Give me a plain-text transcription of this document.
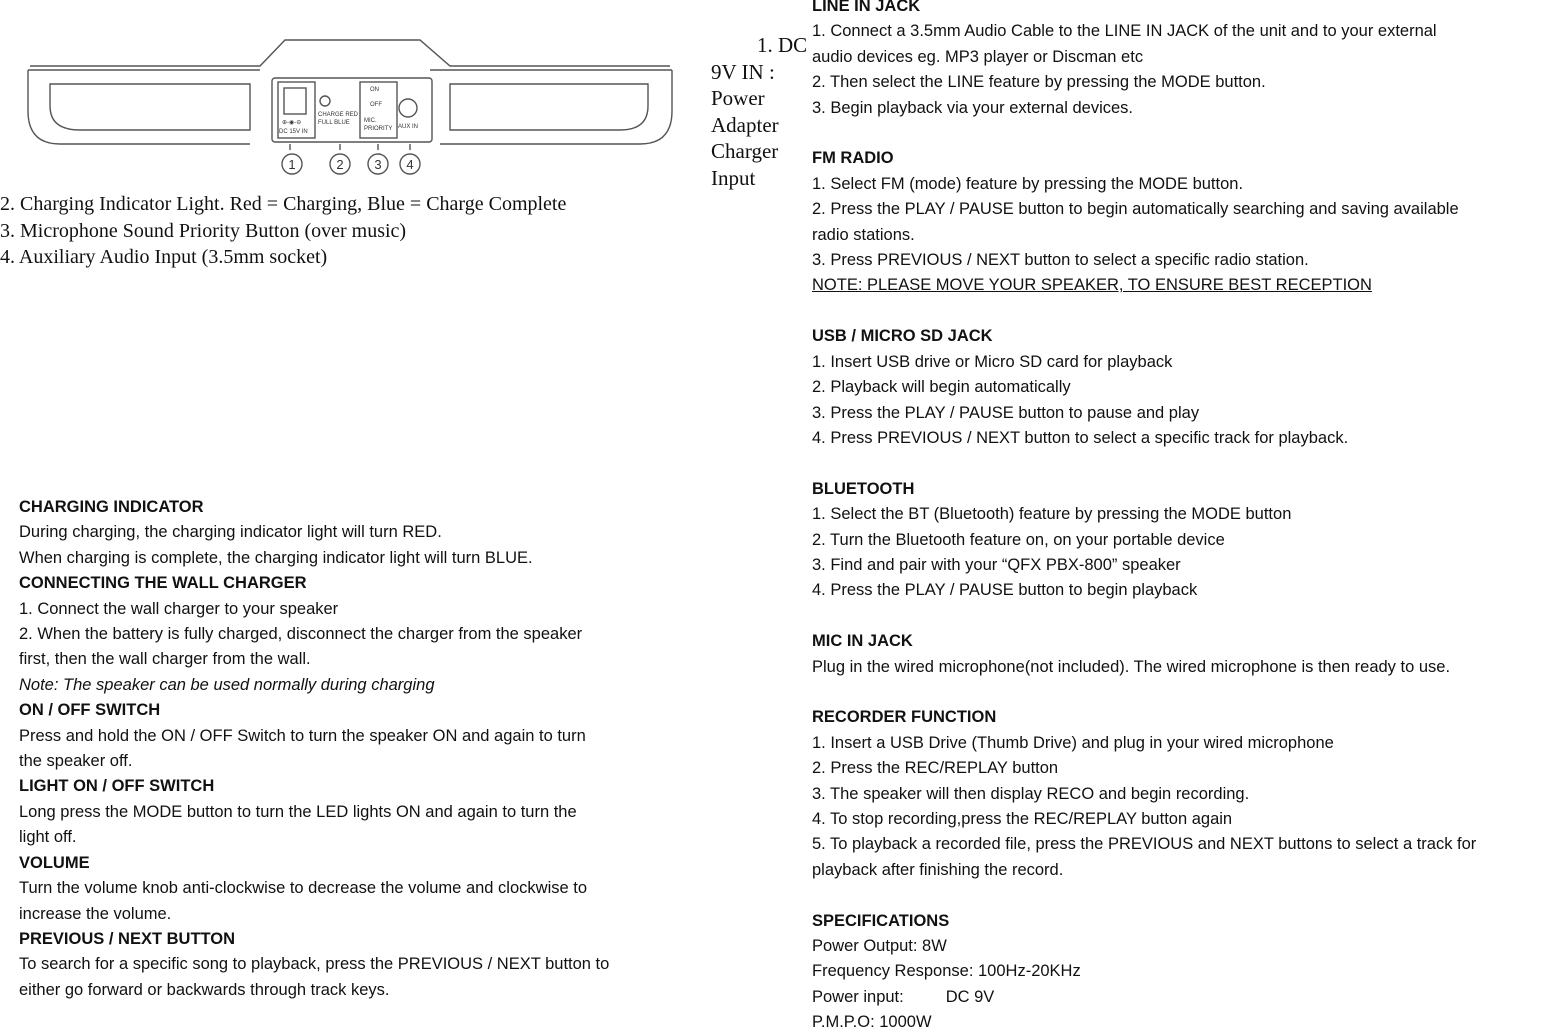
⊕-◉-⊖
DC 15V IN
CHARGE RED
FULL BLUE
ON
OFF
MIC.
PRIORITY AUX IN
1	2 3 4
1. DC
9V IN :
Power
Adapter
Charger
Input
2. Charging Indicator Light. Red = Charging, Blue = Charge Complete
3. Microphone Sound Priority Button (over music)
4. Auxiliary Audio Input (3.5mm socket)
CHARGING INDICATOR
During charging, the charging indicator light will turn RED.
When charging is complete, the charging indicator light will turn BLUE.
CONNECTING THE WALL CHARGER
1. Connect the wall charger to your speaker
2. When the battery is fully charged, disconnect the charger from the speaker
first, then the wall charger from the wall.
Note: The speaker can be used normally during charging
ON / OFF SWITCH
Press and hold the ON / OFF Switch to turn the speaker ON and again to turn
the speaker off.
LIGHT ON / OFF SWITCH
Long press the MODE button to turn the LED lights ON and again to turn the
light off.
VOLUME
Turn the volume knob anti-clockwise to decrease the volume and clockwise to
increase the volume.
PREVIOUS / NEXT BUTTON
To search for a specific song to playback, press the PREVIOUS / NEXT button to
either go forward or backwards through track keys.
LINE IN JACK
1. Connect a 3.5mm Audio Cable to the LINE IN JACK of the unit and to your external
audio devices eg. MP3 player or Discman etc
2. Then select the LINE feature by pressing the MODE button.
3. Begin playback via your external devices.

FM RADIO
1. Select FM (mode) feature by pressing the MODE button.
2. Press the PLAY / PAUSE button to begin automatically searching and saving available
radio stations.
3. Press PREVIOUS / NEXT button to select a specific radio station.
NOTE: PLEASE MOVE YOUR SPEAKER, TO ENSURE BEST RECEPTION

USB / MICRO SD JACK
1. Insert USB drive or Micro SD card for playback
2. Playback will begin automatically
3. Press the PLAY / PAUSE button to pause and play
4. Press PREVIOUS / NEXT button to select a specific track for playback.

BLUETOOTH
1. Select the BT (Bluetooth) feature by pressing the MODE button
2. Turn the Bluetooth feature on, on your portable device
3. Find and pair with your “QFX PBX-800” speaker
4. Press the PLAY / PAUSE button to begin playback

MIC IN JACK
Plug in the wired microphone(not included). The wired microphone is then ready to use.

RECORDER FUNCTION
1. Insert a USB Drive (Thumb Drive) and plug in your wired microphone
2. Press the REC/REPLAY button
3. The speaker will then display RECO and begin recording.
4. To stop recording,press the REC/REPLAY button again
5. To playback a recorded file, press the PREVIOUS and NEXT buttons to select a track for
playback after finishing the record.

SPECIFICATIONS
Power Output: 8W
Frequency Response: 100Hz-20KHz
Power input:	DC 9V
P.M.P.O: 1000W
